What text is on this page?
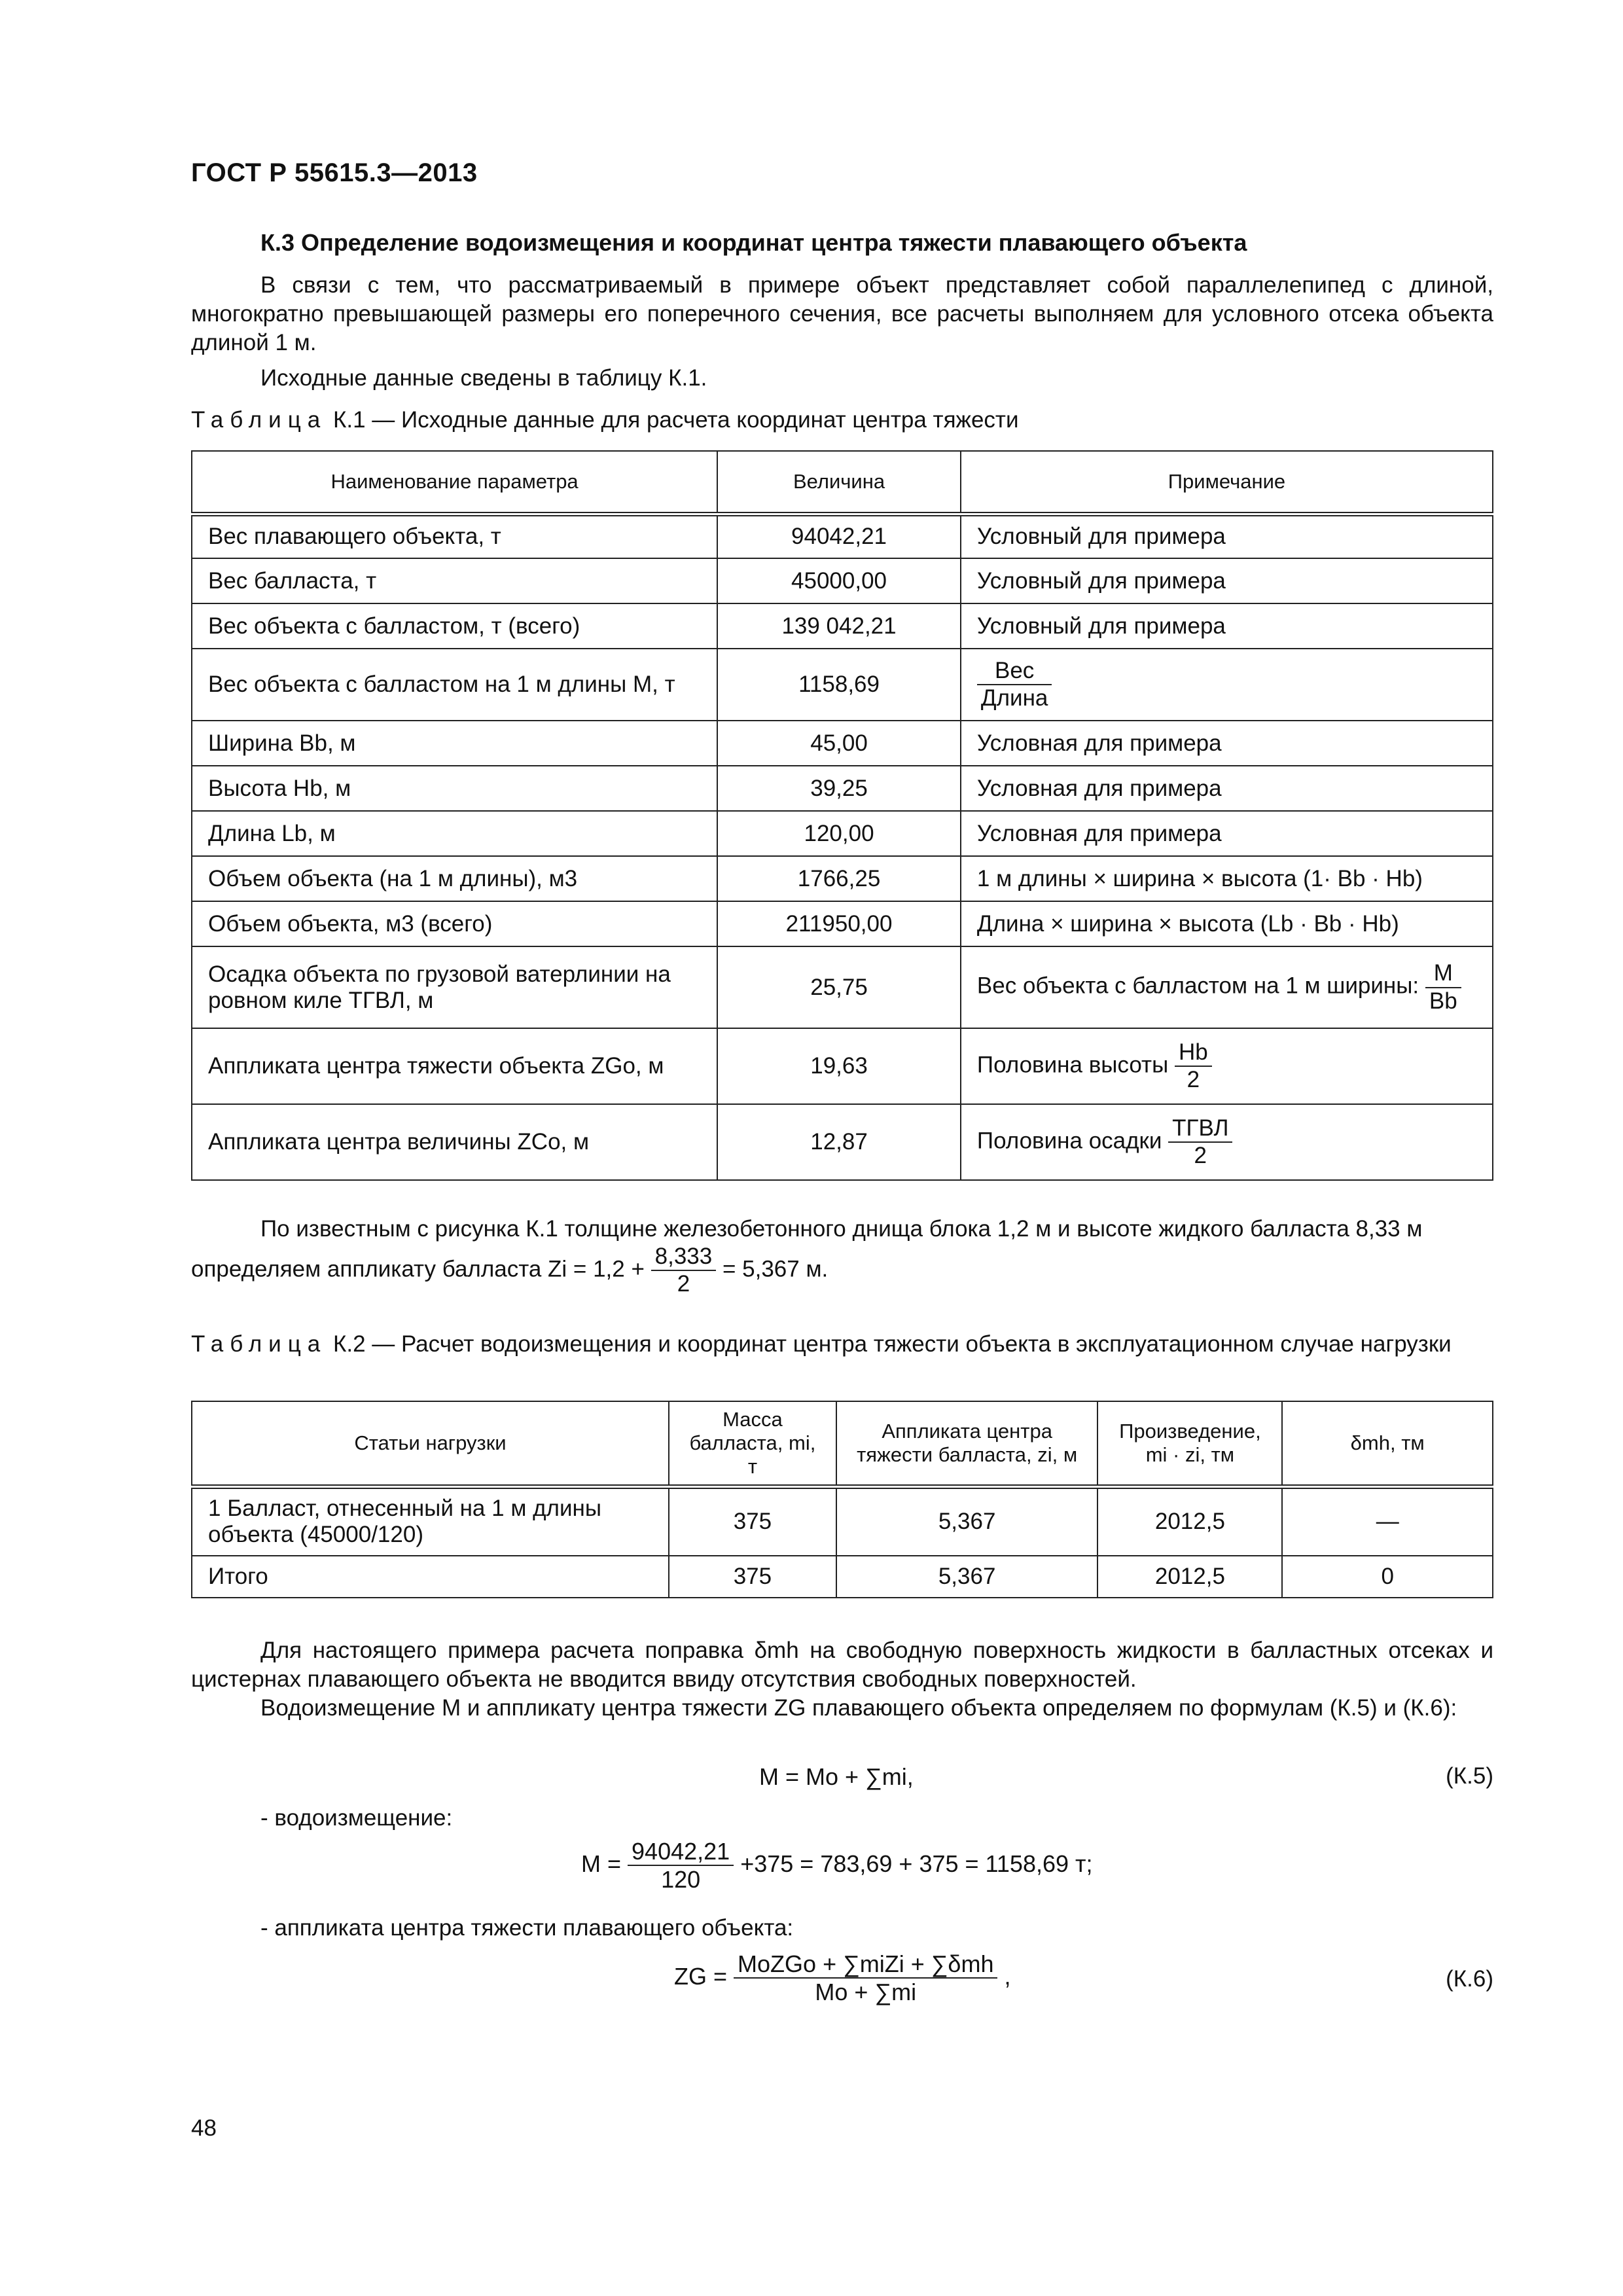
ГОСТ Р 55615.3—2013
К.3 Определение водоизмещения и координат центра тяжести плавающего объекта
В связи с тем, что рассматриваемый в примере объект представляет собой параллелепипед с длиной, многократно превышающей размеры его поперечного сечения, все расчеты выполняем для условного отсека объекта длиной 1 м.
Исходные данные сведены в таблицу К.1.
Таблица К.1 — Исходные данные для расчета координат центра тяжести
Наименование параметра	Величина	Примечание
Вес плавающего объекта, т	94042,21	Условный для примера
Вес балласта, т	45000,00	Условный для примера
Вес объекта с балластом, т (всего)	139 042,21	Условный для примера
Вес объекта с балластом на 1 м длины M, т	1158,69	$\frac{\text{Вес}}{\text{Длина}}$

Ширина Bb, м	45,00	Условная для примера
Высота Hb, м	39,25	Условная для примера
Длина Lb, м	120,00	Условная для примера
Объем объекта (на 1 м длины), м3	1766,25	1 м длины × ширина × высота (1· Bb · Hb)
Объем объекта, м3 (всего)	211950,00	Длина × ширина × высота (Lb · Bb · Hb)
Осадка объекта по грузовой ватерлинии на ровном киле TГВЛ, м	25,75	Вес объекта с балластом на 1 м ширины: $\frac{M}{Bb}$

Аппликата центра тяжести объекта ZGo, м	19,63	Половина высоты $\frac{Hb}{2}$

Аппликата центра величины ZCo, м	12,87	Половина осадки $\frac{\text{TГВЛ}}{2}$
По известным с рисунка К.1 толщине железобетонного днища блока 1,2 м и высоте жидкого балласта 8,33 м
определяем аппликату балласта $Zi = 1,2 + \frac{8,333}{2} = 5,367$ м.
Таблица К.2 — Расчет водоизмещения и координат центра тяжести объекта в эксплуатационном случае нагрузки
Статьи нагрузки	Масса балласта, mi, т	Аппликата центра тяжести балласта, zi, м	Произведение, mi · zi, тм	δmh, тм
1 Балласт, отнесенный на 1 м длины объекта (45000/120)	375	5,367	2012,5	—
Итого	375	5,367	2012,5	0
Для настоящего примера расчета поправка δmh на свободную поверхность жидкости в балластных отсеках и цистернах плавающего объекта не вводится ввиду отсутствия свободных поверхностей.
Водоизмещение M и аппликату центра тяжести ZG плавающего объекта определяем по формулам (К.5) и (К.6):
M = Mo + ∑mi,	(К.5)
- водоизмещение:
$M = \frac{94042,21}{120} +375 = 783,69 + 375 = 1158,69$ т;
- аппликата центра тяжести плавающего объекта:
ZG = $\frac{\text{MoZGo + ∑miZi + ∑δmh}}{Mo + \sum mi}$ ,	(К.6)
48
